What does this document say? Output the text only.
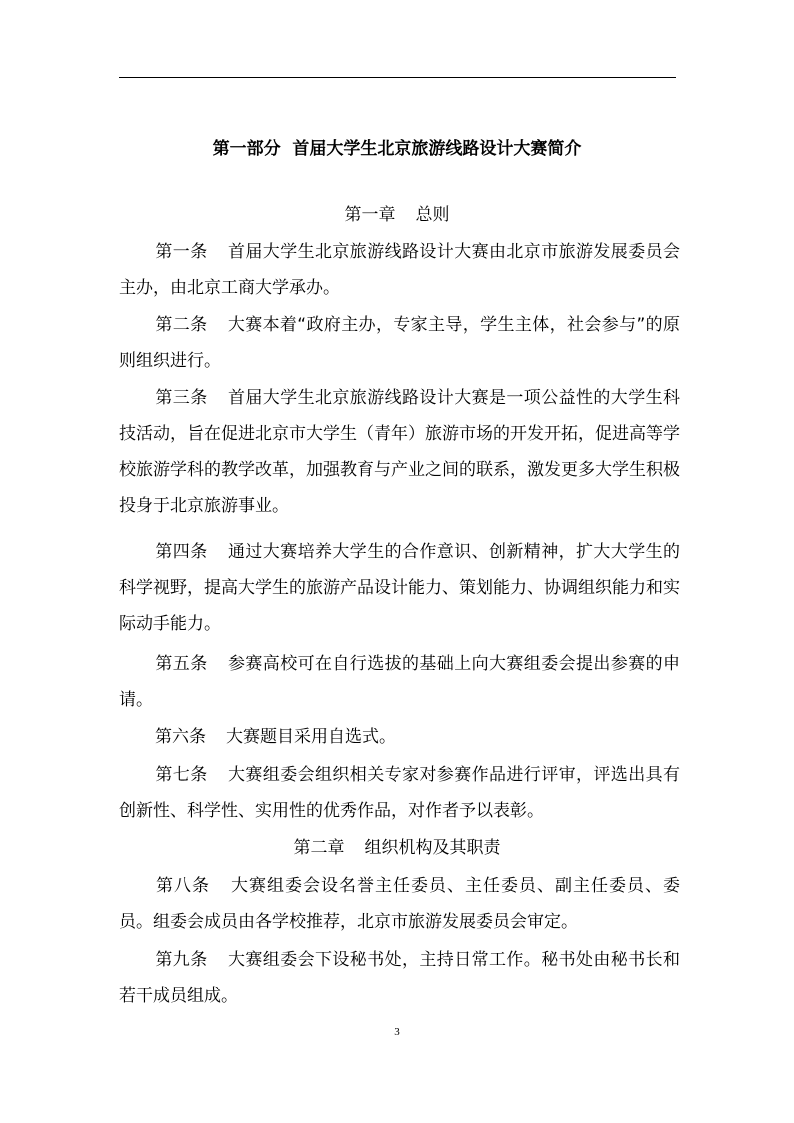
第一部分  首届大学生北京旅游线路设计大赛简介
第一章 总则
第一条 首届大学生北京旅游线路设计大赛由北京市旅游发展委员会主办，由北京工商大学承办。
第二条 大赛本着“政府主办，专家主导，学生主体，社会参与”的原则组织进行。
第三条 首届大学生北京旅游线路设计大赛是一项公益性的大学生科技活动，旨在促进北京市大学生（青年）旅游市场的开发开拓，促进高等学校旅游学科的教学改革，加强教育与产业之间的联系，激发更多大学生积极投身于北京旅游事业。
第四条 通过大赛培养大学生的合作意识、创新精神，扩大大学生的科学视野，提高大学生的旅游产品设计能力、策划能力、协调组织能力和实际动手能力。
第五条 参赛高校可在自行选拔的基础上向大赛组委会提出参赛的申请。
第六条 大赛题目采用自选式。
第七条 大赛组委会组织相关专家对参赛作品进行评审，评选出具有创新性、科学性、实用性的优秀作品，对作者予以表彰。
第二章 组织机构及其职责
第八条 大赛组委会设名誉主任委员、主任委员、副主任委员、委员。组委会成员由各学校推荐，北京市旅游发展委员会审定。
第九条 大赛组委会下设秘书处，主持日常工作。秘书处由秘书长和若干成员组成。
3
